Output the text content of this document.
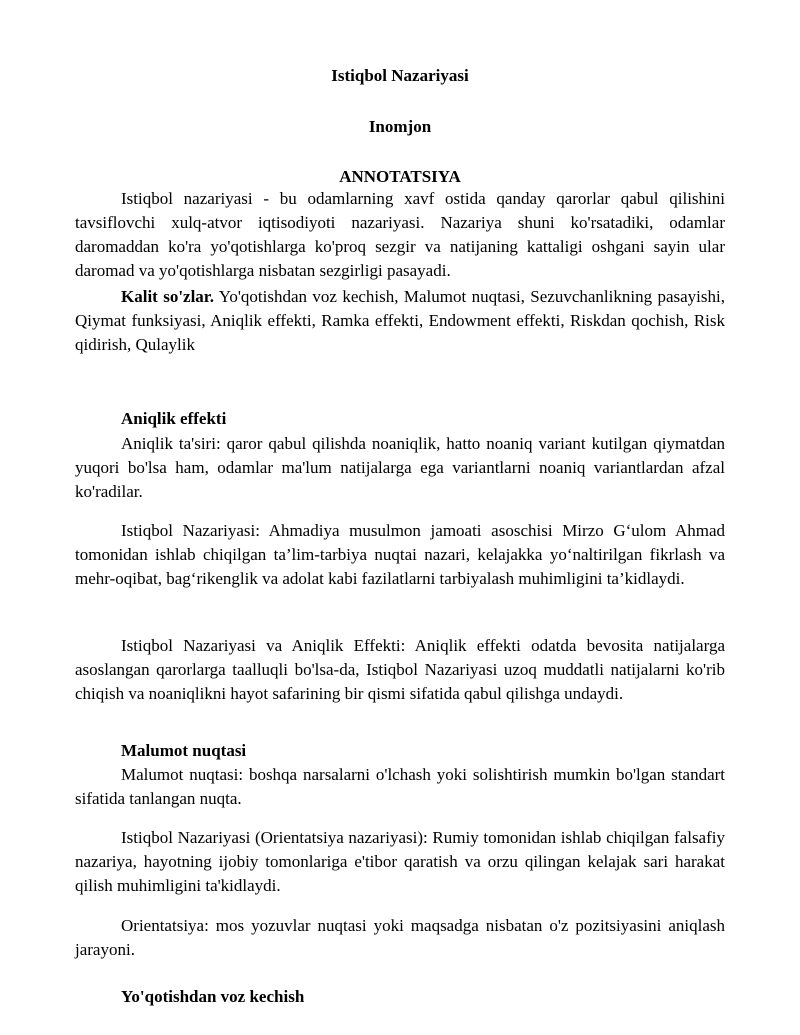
Istiqbol Nazariyasi
Inomjon
ANNOTATSIYA

Istiqbol nazariyasi - bu odamlarning xavf ostida qanday qarorlar qabul qilishini tavsiflovchi xulq-atvor iqtisodiyoti nazariyasi. Nazariya shuni ko'rsatadiki, odamlar daromaddan ko'ra yo'qotishlarga ko'proq sezgir va natijaning kattaligi oshgani sayin ular daromad va yo'qotishlarga nisbatan sezgirligi pasayadi.

Kalit so'zlar. Yo'qotishdan voz kechish, Malumot nuqtasi, Sezuvchanlikning pasayishi, Qiymat funksiyasi, Aniqlik effekti, Ramka effekti, Endowment effekti, Riskdan qochish, Risk qidirish, Qulaylik

Aniqlik effekti

Aniqlik ta'siri: qaror qabul qilishda noaniqlik, hatto noaniq variant kutilgan qiymatdan yuqori bo'lsa ham, odamlar ma'lum natijalarga ega variantlarni noaniq variantlardan afzal ko'radilar.

Istiqbol Nazariyasi: Ahmadiya musulmon jamoati asoschisi Mirzo G‘ulom Ahmad tomonidan ishlab chiqilgan ta’lim-tarbiya nuqtai nazari, kelajakka yo‘naltirilgan fikrlash va mehr-oqibat, bag‘rikenglik va adolat kabi fazilatlarni tarbiyalash muhimligini ta’kidlaydi.

Istiqbol Nazariyasi va Aniqlik Effekti: Aniqlik effekti odatda bevosita natijalarga asoslangan qarorlarga taalluqli bo'lsa-da, Istiqbol Nazariyasi uzoq muddatli natijalarni ko'rib chiqish va noaniqlikni hayot safarining bir qismi sifatida qabul qilishga undaydi.

Malumot nuqtasi

Malumot nuqtasi: boshqa narsalarni o'lchash yoki solishtirish mumkin bo'lgan standart sifatida tanlangan nuqta.

Istiqbol Nazariyasi (Orientatsiya nazariyasi): Rumiy tomonidan ishlab chiqilgan falsafiy nazariya, hayotning ijobiy tomonlariga e'tibor qaratish va orzu qilingan kelajak sari harakat qilish muhimligini ta'kidlaydi.

Orientatsiya: mos yozuvlar nuqtasi yoki maqsadga nisbatan o'z pozitsiyasini aniqlash jarayoni.

Yo'qotishdan voz kechish
